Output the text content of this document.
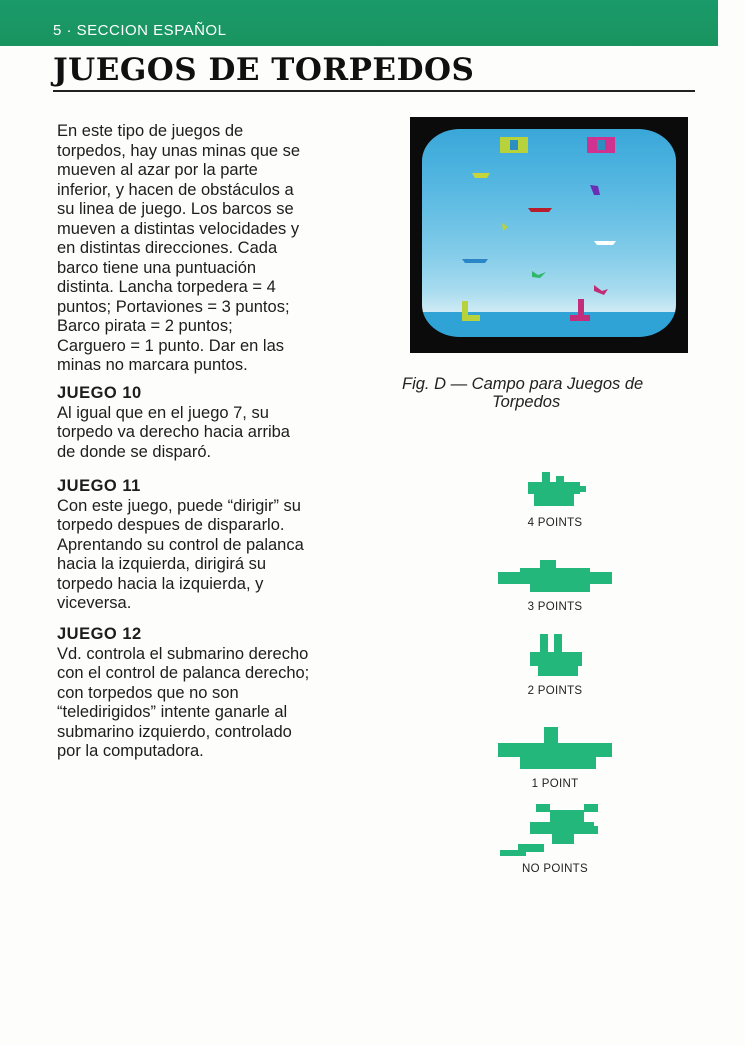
5 · SECCION ESPAÑOL
JUEGOS DE TORPEDOS

En este tipo de juegos de
torpedos, hay unas minas que se
mueven al azar por la parte
inferior, y hacen de obstáculos a
su linea de juego. Los barcos se
mueven a distintas velocidades y
en distintas direcciones. Cada
barco tiene una puntuación
distinta. Lancha torpedera = 4
puntos; Portaviones = 3 puntos;
Barco pirata = 2 puntos;
Carguero = 1 punto. Dar en las
minas no marcara puntos.

JUEGO 10

Al igual que en el juego 7, su
torpedo va derecho hacia arriba
de donde se disparó.

JUEGO 11

Con este juego, puede “dirigir” su
torpedo despues de dispararlo.
Aprentando su control de palanca
hacia la izquierda, dirigirá su
torpedo hacia la izquierda, y
viceversa.

JUEGO 12

Vd. controla el submarino derecho
con el control de palanca derecho;
con torpedos que no son
“teledirigidos” intente ganarle al
submarino izquierdo, controlado
por la computadora.

Fig. D — Campo para Juegos de
Torpedos
4 POINTS
3 POINTS
2 POINTS
1 POINT
NO POINTS
